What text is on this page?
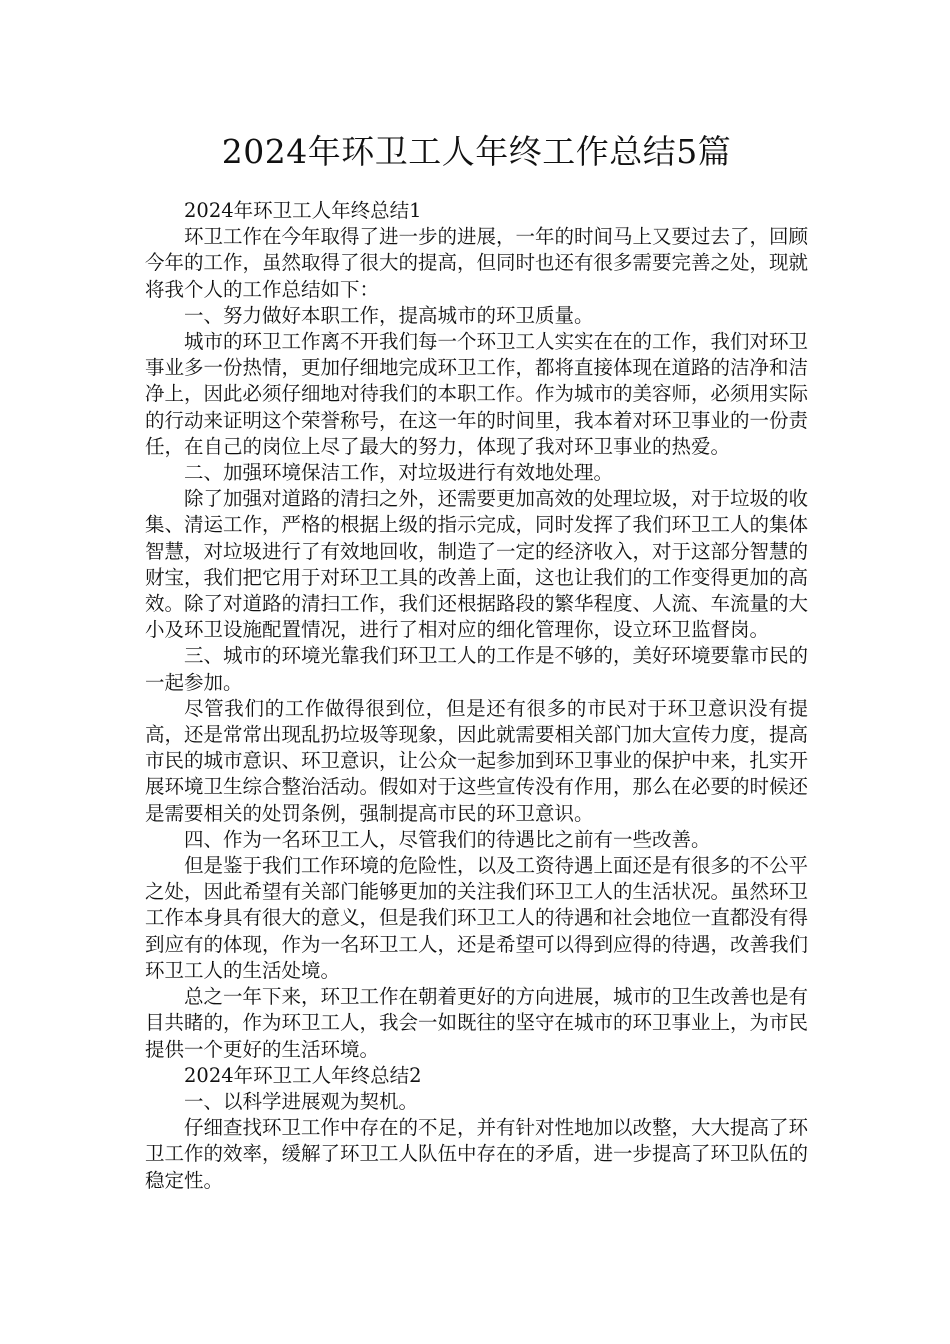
2024年环卫工人年终工作总结5篇

2024年环卫工人年终总结1

环卫工作在今年取得了进一步的进展，一年的时间马上又要过去了，回顾今年的工作，虽然取得了很大的提高，但同时也还有很多需要完善之处，现就将我个人的工作总结如下：

一、努力做好本职工作，提高城市的环卫质量。

城市的环卫工作离不开我们每一个环卫工人实实在在的工作，我们对环卫事业多一份热情，更加仔细地完成环卫工作，都将直接体现在道路的洁净和洁净上，因此必须仔细地对待我们的本职工作。作为城市的美容师，必须用实际的行动来证明这个荣誉称号，在这一年的时间里，我本着对环卫事业的一份责任，在自己的岗位上尽了最大的努力，体现了我对环卫事业的热爱。

二、加强环境保洁工作，对垃圾进行有效地处理。

除了加强对道路的清扫之外，还需要更加高效的处理垃圾，对于垃圾的收集、清运工作，严格的根据上级的指示完成，同时发挥了我们环卫工人的集体智慧，对垃圾进行了有效地回收，制造了一定的经济收入，对于这部分智慧的财宝，我们把它用于对环卫工具的改善上面，这也让我们的工作变得更加的高效。除了对道路的清扫工作，我们还根据路段的繁华程度、人流、车流量的大小及环卫设施配置情况，进行了相对应的细化管理你，设立环卫监督岗。

三、城市的环境光靠我们环卫工人的工作是不够的，美好环境要靠市民的一起参加。

尽管我们的工作做得很到位，但是还有很多的市民对于环卫意识没有提高，还是常常出现乱扔垃圾等现象，因此就需要相关部门加大宣传力度，提高市民的城市意识、环卫意识，让公众一起参加到环卫事业的保护中来，扎实开展环境卫生综合整治活动。假如对于这些宣传没有作用，那么在必要的时候还是需要相关的处罚条例，强制提高市民的环卫意识。

四、作为一名环卫工人，尽管我们的待遇比之前有一些改善。

但是鉴于我们工作环境的危险性，以及工资待遇上面还是有很多的不公平之处，因此希望有关部门能够更加的关注我们环卫工人的生活状况。虽然环卫工作本身具有很大的意义，但是我们环卫工人的待遇和社会地位一直都没有得到应有的体现，作为一名环卫工人，还是希望可以得到应得的待遇，改善我们环卫工人的生活处境。

总之一年下来，环卫工作在朝着更好的方向进展，城市的卫生改善也是有目共睹的，作为环卫工人，我会一如既往的坚守在城市的环卫事业上，为市民提供一个更好的生活环境。

2024年环卫工人年终总结2

一、以科学进展观为契机。

仔细查找环卫工作中存在的不足，并有针对性地加以改整，大大提高了环卫工作的效率，缓解了环卫工人队伍中存在的矛盾，进一步提高了环卫队伍的稳定性。
